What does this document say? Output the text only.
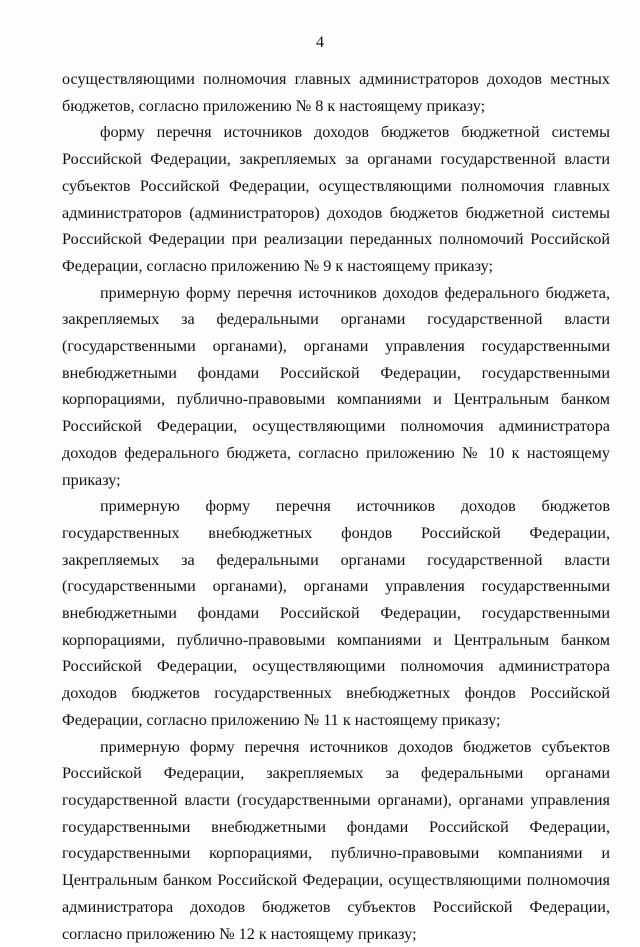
4

осуществляющими полномочия главных администраторов доходов местных бюджетов, согласно приложению № 8 к настоящему приказу;

форму перечня источников доходов бюджетов бюджетной системы Российской Федерации, закрепляемых за органами государственной власти субъектов Российской Федерации, осуществляющими полномочия главных администраторов (администраторов) доходов бюджетов бюджетной системы Российской Федерации при реализации переданных полномочий Российской Федерации, согласно приложению № 9 к настоящему приказу;

примерную форму перечня источников доходов федерального бюджета, закрепляемых за федеральными органами государственной власти (государственными органами), органами управления государственными внебюджетными фондами Российской Федерации, государственными корпорациями, публично-правовыми компаниями и Центральным банком Российской Федерации, осуществляющими полномочия администратора доходов федерального бюджета, согласно приложению № 10 к настоящему приказу;

примерную форму перечня источников доходов бюджетов государственных внебюджетных фондов Российской Федерации, закрепляемых за федеральными органами государственной власти (государственными органами), органами управления государственными внебюджетными фондами Российской Федерации, государственными корпорациями, публично-правовыми компаниями и Центральным банком Российской Федерации, осуществляющими полномочия администратора доходов бюджетов государственных внебюджетных фондов Российской Федерации, согласно приложению № 11 к настоящему приказу;

примерную форму перечня источников доходов бюджетов субъектов Российской Федерации, закрепляемых за федеральными органами государственной власти (государственными органами), органами управления государственными внебюджетными фондами Российской Федерации, государственными корпорациями, публично-правовыми компаниями и Центральным банком Российской Федерации, осуществляющими полномочия администратора доходов бюджетов субъектов Российской Федерации, согласно приложению № 12 к настоящему приказу;
